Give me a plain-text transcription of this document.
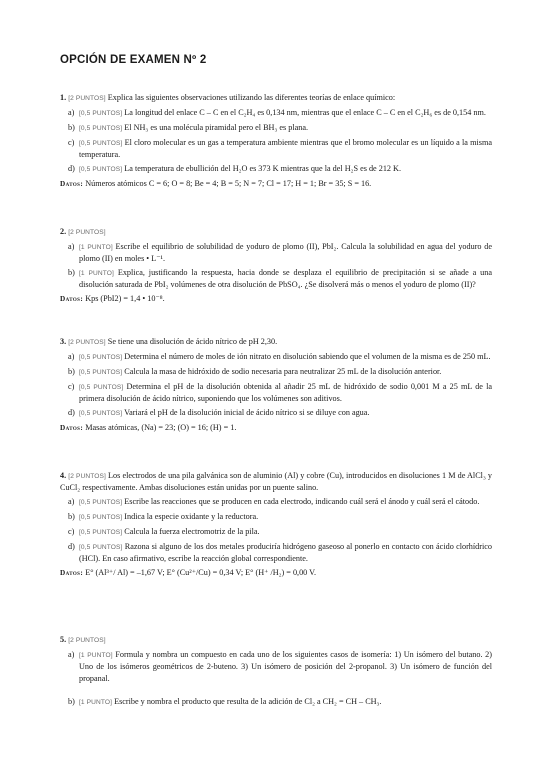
OPCIÓN DE EXAMEN Nº 2

1. [2 PUNTOS] Explica las siguientes observaciones utilizando las diferentes teorías de enlace químico:

a) [0,5 PUNTOS] La longitud del enlace C – C en el C₂H₄ es 0,134 nm, mientras que el enlace C – C en el C₂H₆ es de 0,154 nm.
b) [0,5 PUNTOS] El NH₃ es una molécula piramidal pero el BH₃ es plana.
c) [0,5 PUNTOS] El cloro molecular es un gas a temperatura ambiente mientras que el bromo molecular es un líquido a la misma temperatura.
d) [0,5 PUNTOS] La temperatura de ebullición del H₂O es 373 K mientras que la del H₂S es de 212 K.

Datos: Números atómicos C = 6; O = 8; Be = 4; B = 5; N = 7; Cl = 17; H = 1; Br = 35; S = 16.

2. [2 PUNTOS]

a) [1 PUNTO] Escribe el equilibrio de solubilidad de yoduro de plomo (II), PbI₂. Calcula la solubilidad en agua del yoduro de plomo (II) en moles • L⁻¹.
b) [1 PUNTO] Explica, justificando la respuesta, hacia donde se desplaza el equilibrio de precipitación si se añade a una disolución saturada de PbI₂ volúmenes de otra disolución de PbSO₄. ¿Se disolverá más o menos el yoduro de plomo (II)?

Datos: Kps (PbI2) = 1,4 • 10⁻⁸.

3. [2 PUNTOS] Se tiene una disolución de ácido nítrico de pH 2,30.

a) [0,5 PUNTOS] Determina el número de moles de ión nitrato en disolución sabiendo que el volumen de la misma es de 250 mL.
b) [0,5 PUNTOS] Calcula la masa de hidróxido de sodio necesaria para neutralizar 25 mL de la disolución anterior.
c) [0,5 PUNTOS] Determina el pH de la disolución obtenida al añadir 25 mL de hidróxido de sodio 0,001 M a 25 mL de la primera disolución de ácido nítrico, suponiendo que los volúmenes son aditivos.
d) [0,5 PUNTOS] Variará el pH de la disolución inicial de ácido nítrico si se diluye con agua.

Datos: Masas atómicas, (Na) = 23; (O) = 16; (H) = 1.

4. [2 PUNTOS] Los electrodos de una pila galvánica son de aluminio (Al) y cobre (Cu), introducidos en disoluciones 1 M de AlCl₃ y CuCl₂ respectivamente. Ambas disoluciones están unidas por un puente salino.

a) [0,5 PUNTOS] Escribe las reacciones que se producen en cada electrodo, indicando cuál será el ánodo y cuál será el cátodo.
b) [0,5 PUNTOS] Indica la especie oxidante y la reductora.
c) [0,5 PUNTOS] Calcula la fuerza electromotriz de la pila.
d) [0,5 PUNTOS] Razona si alguno de los dos metales produciría hidrógeno gaseoso al ponerlo en contacto con ácido clorhídrico (HCl). En caso afirmativo, escribe la reacción global correspondiente.

Datos: E° (Al³⁺/ Al) = –1,67 V; E° (Cu²⁺/Cu) = 0,34 V; E° (H⁺ /H₂) = 0,00 V.

5. [2 PUNTOS]

a) [1 PUNTO] Formula y nombra un compuesto en cada uno de los siguientes casos de isomería: 1) Un isómero del butano. 2) Uno de los isómeros geométricos de 2-buteno. 3) Un isómero de posición del 2-propanol. 3) Un isómero de función del propanal.
b) [1 PUNTO] Escribe y nombra el producto que resulta de la adición de Cl₂ a CH₂ = CH – CH₃.
